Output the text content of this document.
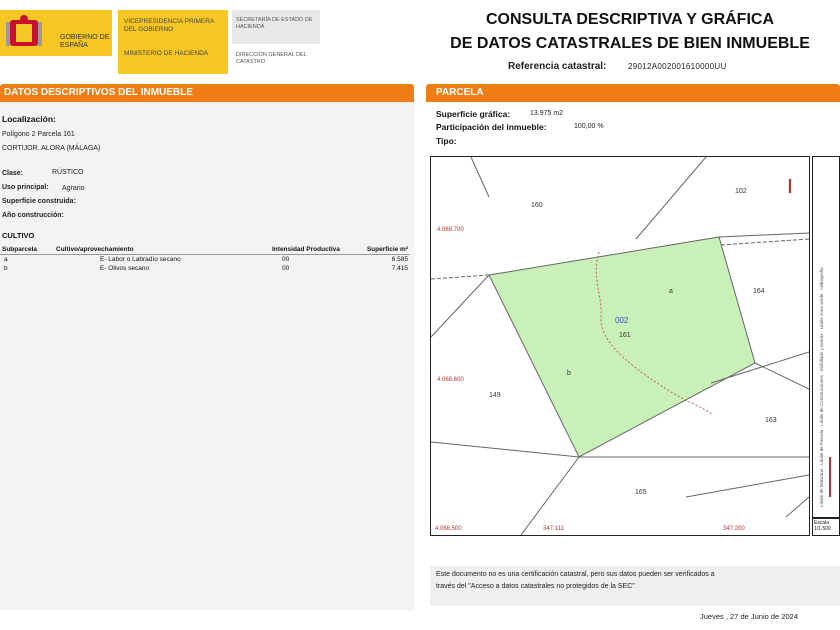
GOBIERNO DE ESPAÑA
VICEPRESIDENCIA PRIMERA DEL GOBIERNO
MINISTERIO DE HACIENDA
SECRETARÍA DE ESTADO DE HACIENDA
DIRECCIÓN GENERAL DEL CATASTRO
CONSULTA DESCRIPTIVA Y GRÁFICA
DE DATOS CATASTRALES DE BIEN INMUEBLE
Referencia catastral:	29012A002001610000UU
DATOS DESCRIPTIVOS DEL INMUEBLE
Localización:
Polígono 2 Parcela 161
CORTIJOR. ALORA (MÁLAGA)
Clase:	RÚSTICO
Uso principal: Agrario
Superficie construida:
Año construcción:
CULTIVO
Subparcela	Cultivo/aprovechamiento	Intensidad Productiva	Superficie m²
a	E- Labor o Labradío secano	00	6.585
b	E- Olivos secano	00	7.415
PARCELA
Superficie gráfica:	13.975 m2
Participación del inmueble:	100,00 %
Tipo:
▬▬
160
102
164
149
163
165
002
161
a
b
4.068.700
4.068.600
4.068.500	347.111	347.200
Límite de Manzana · Límite de Parcela · Límite de Construcciones · Mobiliario y aceras · Límite zona verde · Hidrografía
Escala 1/1.500
Este documento no es una certificación catastral, pero sus datos pueden ser verificados a
través del "Acceso a datos catastrales no protegidos de la SEC"
Jueves , 27 de Junio de 2024
